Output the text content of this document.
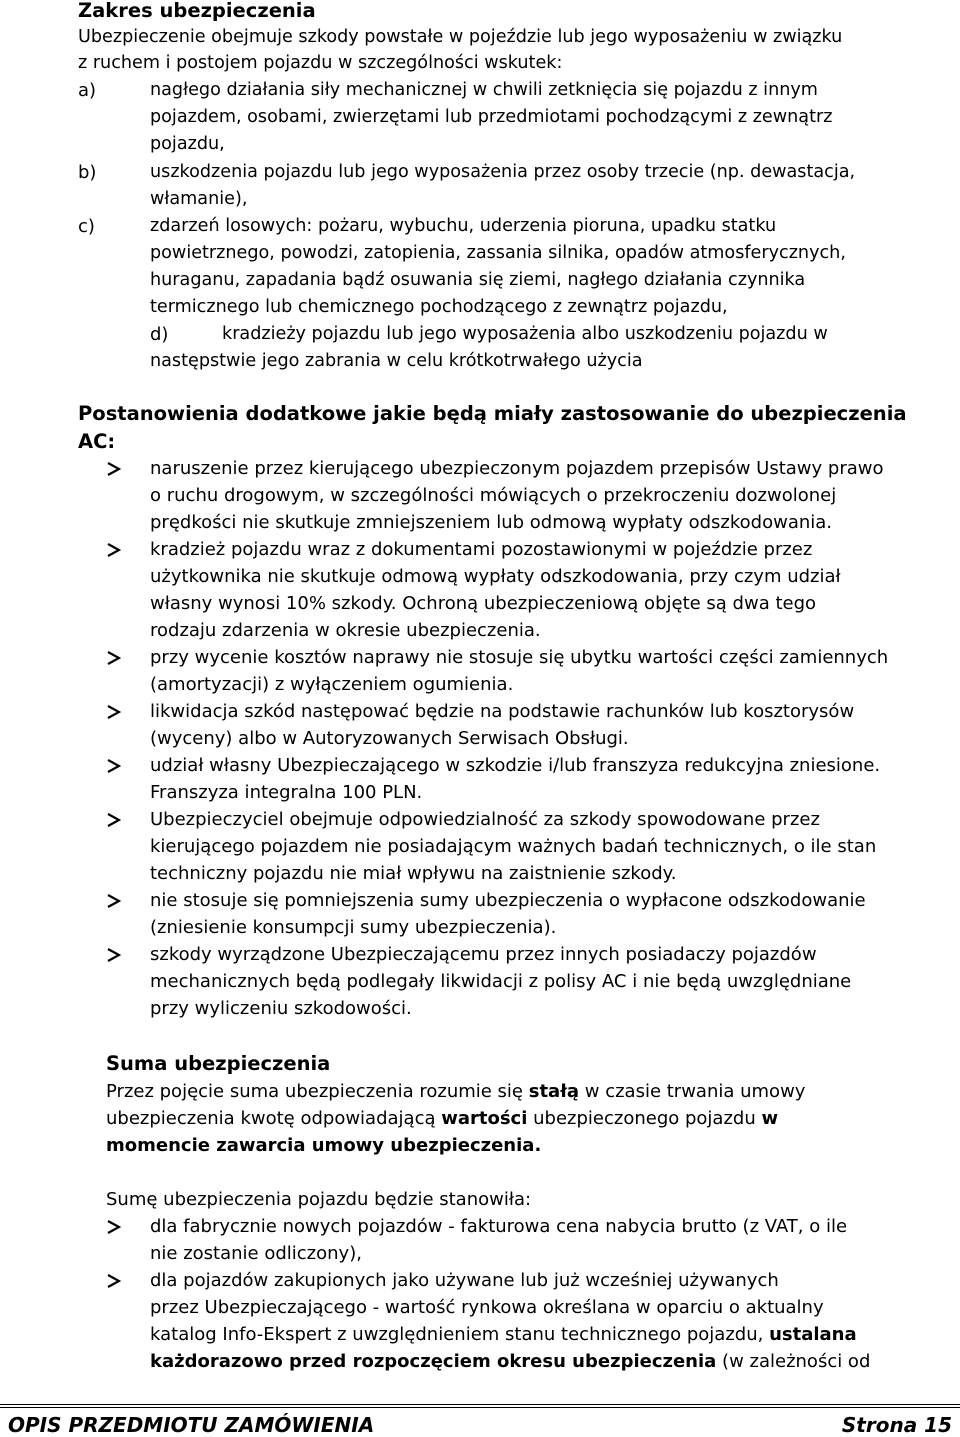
Zakres ubezpieczenia
Ubezpieczenie obejmuje szkody powstałe w pojeździe lub jego wyposażeniu w związku
z ruchem i postojem pojazdu w szczególności wskutek:
a)	nagłego działania siły mechanicznej w chwili zetknięcia się pojazdu z innym
pojazdem, osobami, zwierzętami lub przedmiotami pochodzącymi z zewnątrz
pojazdu,
b)	uszkodzenia pojazdu lub jego wyposażenia przez osoby trzecie (np. dewastacja,
włamanie),
c)	zdarzeń losowych: pożaru, wybuchu, uderzenia pioruna, upadku statku
powietrznego, powodzi, zatopienia, zassania silnika, opadów atmosferycznych,
huraganu, zapadania bądź osuwania się ziemi, nagłego działania czynnika
termicznego lub chemicznego pochodzącego z zewnątrz pojazdu,
d)	kradzieży pojazdu lub jego wyposażenia albo uszkodzeniu pojazdu w
następstwie jego zabrania w celu krótkotrwałego użycia
Postanowienia dodatkowe jakie będą miały zastosowanie do ubezpieczenia
AC:
naruszenie przez kierującego ubezpieczonym pojazdem przepisów Ustawy prawo
o ruchu drogowym, w szczególności mówiących o przekroczeniu dozwolonej
prędkości nie skutkuje zmniejszeniem lub odmową wypłaty odszkodowania.
kradzież pojazdu wraz z dokumentami pozostawionymi w pojeździe przez
użytkownika nie skutkuje odmową wypłaty odszkodowania, przy czym udział
własny wynosi 10% szkody. Ochroną ubezpieczeniową objęte są dwa tego
rodzaju zdarzenia w okresie ubezpieczenia.
przy wycenie kosztów naprawy nie stosuje się ubytku wartości części zamiennych
(amortyzacji) z wyłączeniem ogumienia.
likwidacja szkód następować będzie na podstawie rachunków lub kosztorysów
(wyceny) albo w Autoryzowanych Serwisach Obsługi.
udział własny Ubezpieczającego w szkodzie i/lub franszyza redukcyjna zniesione.
Franszyza integralna 100 PLN.
Ubezpieczyciel obejmuje odpowiedzialność za szkody spowodowane przez
kierującego pojazdem nie posiadającym ważnych badań technicznych, o ile stan
techniczny pojazdu nie miał wpływu na zaistnienie szkody.
nie stosuje się pomniejszenia sumy ubezpieczenia o wypłacone odszkodowanie
(zniesienie konsumpcji sumy ubezpieczenia).
szkody wyrządzone Ubezpieczającemu przez innych posiadaczy pojazdów
mechanicznych będą podlegały likwidacji z polisy AC i nie będą uwzględniane
przy wyliczeniu szkodowości.
Suma ubezpieczenia
Przez pojęcie suma ubezpieczenia rozumie się stałą w czasie trwania umowy
ubezpieczenia kwotę odpowiadającą wartości ubezpieczonego pojazdu w
momencie zawarcia umowy ubezpieczenia.
Sumę ubezpieczenia pojazdu będzie stanowiła:
dla fabrycznie nowych pojazdów - fakturowa cena nabycia brutto (z VAT, o ile
nie zostanie odliczony),
dla pojazdów zakupionych jako używane lub już wcześniej używanych
przez Ubezpieczającego - wartość rynkowa określana w oparciu o aktualny
katalog Info-Ekspert z uwzględnieniem stanu technicznego pojazdu, ustalana
każdorazowo przed rozpoczęciem okresu ubezpieczenia (w zależności od
OPIS PRZEDMIOTU ZAMÓWIENIA	Strona 15
